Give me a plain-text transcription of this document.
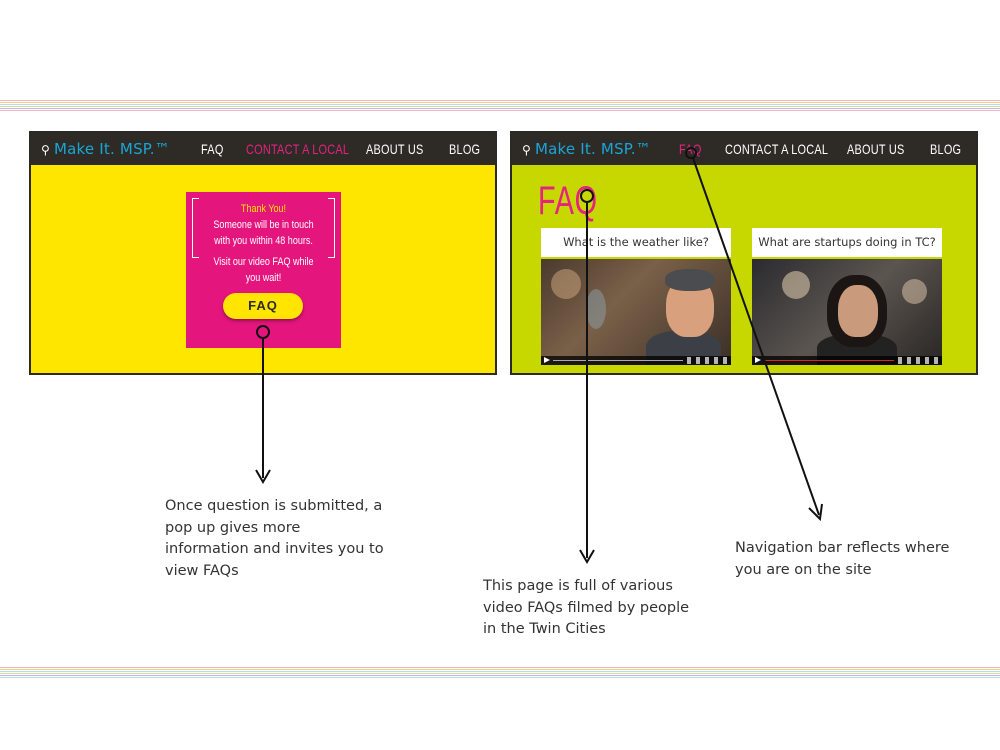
⚲ Make It. MSP.™ FAQ CONTACT A LOCAL ABOUT US BLOG
Thank You!
Someone will be in touch
with you within 48 hours.
Visit our video FAQ while
you wait!
FAQ
⚲ Make It. MSP.™ FAQ CONTACT A LOCAL ABOUT US BLOG
FAQ
What is the weather like?	What are startups doing in TC?
Once question is submitted, a
pop up gives more
information and invites you to
view FAQs
This page is full of various
video FAQs filmed by people
in the Twin Cities
Navigation bar reflects where
you are on the site
